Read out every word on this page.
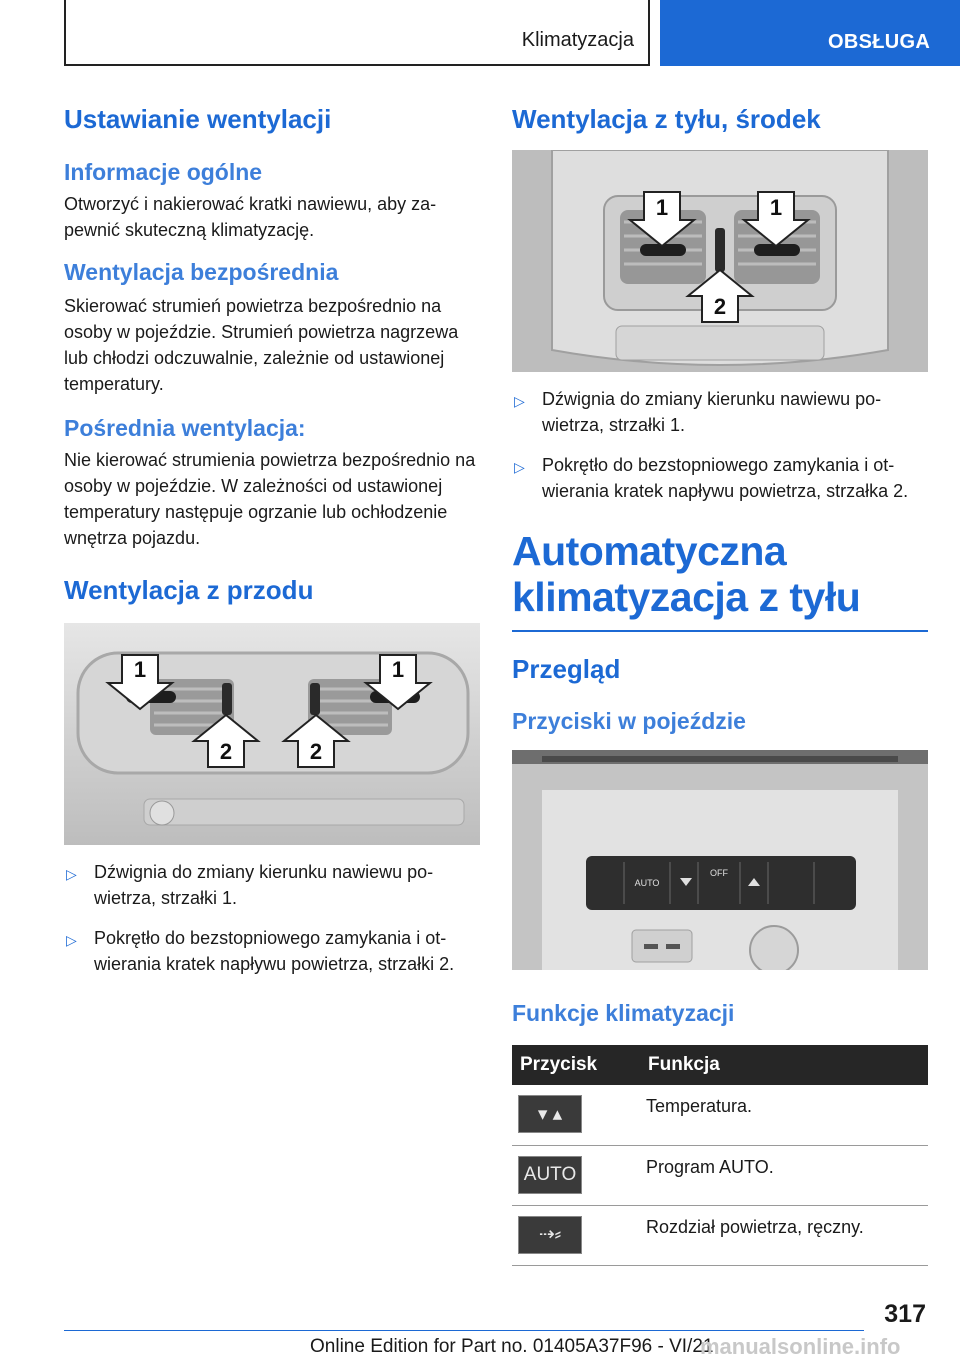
Klimatyzacja	OBSŁUGA
Ustawianie wentylacji
Informacje ogólne

Otworzyć i nakierować kratki nawiewu, aby zapewnić skuteczną klimatyzację.

Wentylacja bezpośrednia

Skierować strumień powietrza bezpośrednio na osoby w pojeździe. Strumień powietrza nagrzewa lub chłodzi odczuwalnie, zależnie od ustawionej temperatury.

Pośrednia wentylacja:

Nie kierować strumienia powietrza bezpośrednio na osoby w pojeździe. W zależności od ustawionej temperatury następuje ogrzanie lub ochłodzenie wnętrza pojazdu.

Wentylacja z przodu
1
2	2
1
▷ Dźwignia do zmiany kierunku nawiewu powietrza, strzałki 1.
▷ Pokrętło do bezstopniowego zamykania i otwierania kratek napływu powietrza, strzałki 2.
Wentylacja z tyłu, środek
1	1
2
▷ Dźwignia do zmiany kierunku nawiewu powietrza, strzałki 1.
▷ Pokrętło do bezstopniowego zamykania i otwierania kratek napływu powietrza, strzałka 2.
Automatyczna klimatyzacja z tyłu
Przegląd
Przyciski w pojeździe
AUTO
OFF
Funkcje klimatyzacji
Przycisk	Funkcja

▾ ▴	Temperatura.

AUTO	Program AUTO.

⇢⸗	Rozdział powietrza, ręczny.
317
Online Edition for Part no. 01405A37F96 - VI/21
manualsonline.info
